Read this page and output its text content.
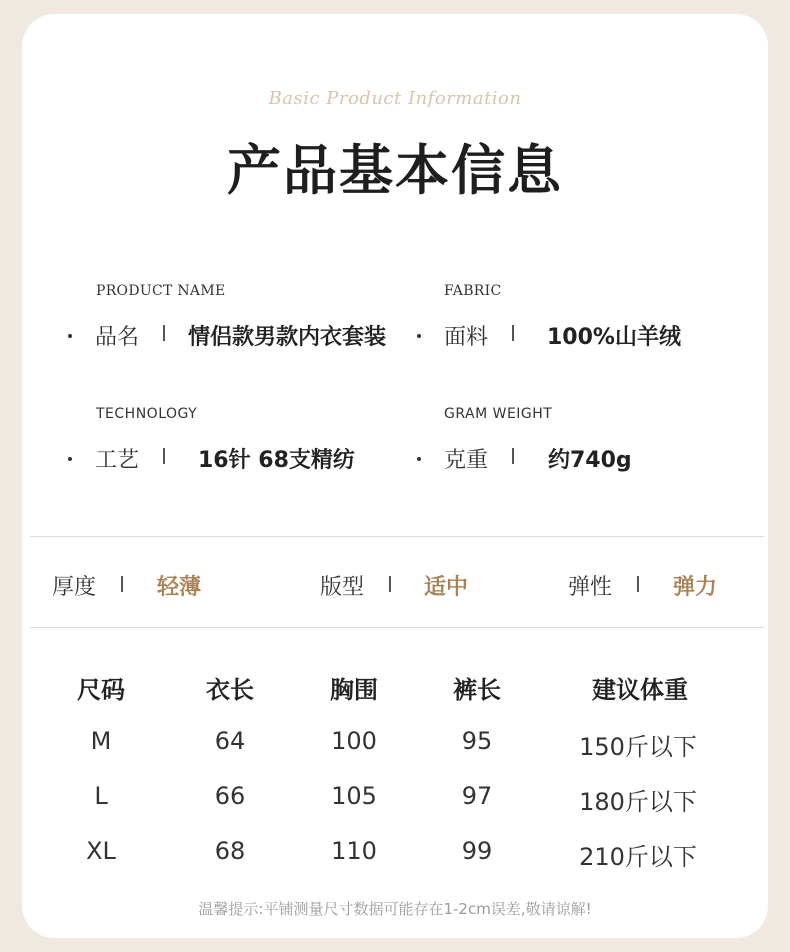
Basic Product Information
产品基本信息
PRODUCT NAME
品名 情侣款男款内衣套装
FABRIC
面料	100%山羊绒
TECHNOLOGY
工艺	16针 68支精纺
GRAM WEIGHT
克重	约740g
厚度	轻薄	版型	适中	弹性	弹力
尺码	衣长	胸围	裤长	建议体重
M	64	100	95	150斤以下
L	66	105	97	180斤以下
XL	68	110	99	210斤以下
温馨提示:平铺测量尺寸数据可能存在1-2cm误差,敬请谅解!
